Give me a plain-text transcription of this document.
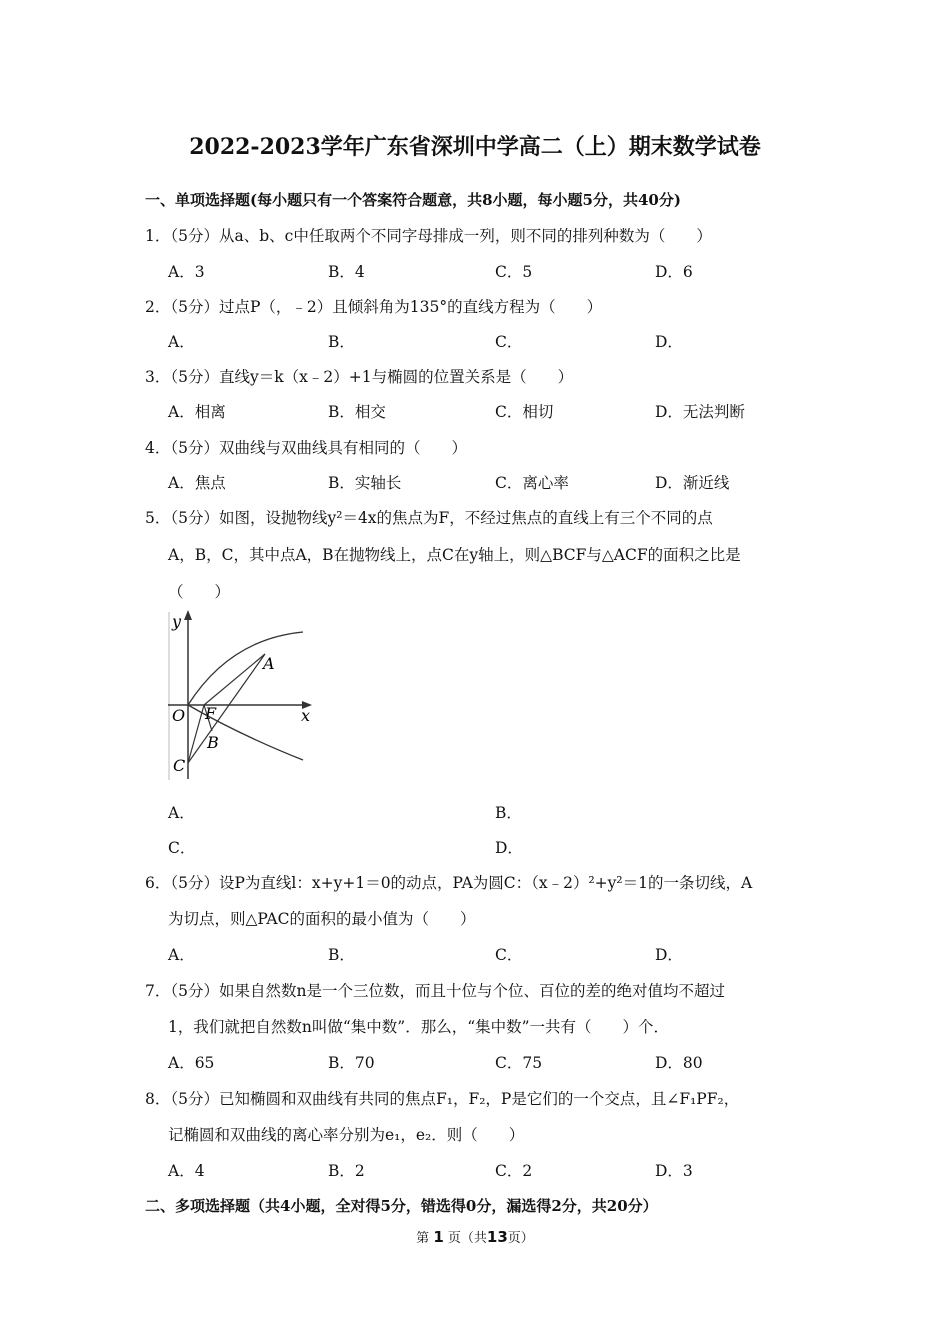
2022-2023学年广东省深圳中学高二（上）期末数学试卷
一、单项选择题(每小题只有一个答案符合题意，共8小题，每小题5分，共40分)
1．（5分）从a、b、c中任取两个不同字母排成一列，则不同的排列种数为（　　）
A．3	B．4	C．5	D．6
2．（5分）过点P（，﹣2）且倾斜角为135°的直线方程为（　　）
A．	B．	C．	D．
3．（5分）直线y＝k（x﹣2）+1与椭圆的位置关系是（　　）
A．相离	B．相交	C．相切	D．无法判断
4．（5分）双曲线与双曲线具有相同的（　　）
A．焦点	B．实轴长	C．离心率	D．渐近线
5．（5分）如图，设抛物线y²＝4x的焦点为F，不经过焦点的直线上有三个不同的点
A，B，C，其中点A，B在抛物线上，点C在y轴上，则△BCF与△ACF的面积之比是
（　　）
y
x
O F
A
B
C
A．	B．
C．	D．
6．（5分）设P为直线l：x+y+1＝0的动点，PA为圆C：（x﹣2）²+y²＝1的一条切线，A
为切点，则△PAC的面积的最小值为（　　）
A．	B．	C．	D．
7．（5分）如果自然数n是一个三位数，而且十位与个位、百位的差的绝对值均不超过
1，我们就把自然数n叫做“集中数”．那么，“集中数”一共有（　　）个．
A．65	B．70	C．75	D．80
8．（5分）已知椭圆和双曲线有共同的焦点F₁，F₂，P是它们的一个交点，且∠F₁PF₂，
记椭圆和双曲线的离心率分别为e₁，e₂．则（　　）
A．4	B．2	C．2	D．3
二、多项选择题（共4小题，全对得5分，错选得0分，漏选得2分，共20分）
第 1 页（共13页）
